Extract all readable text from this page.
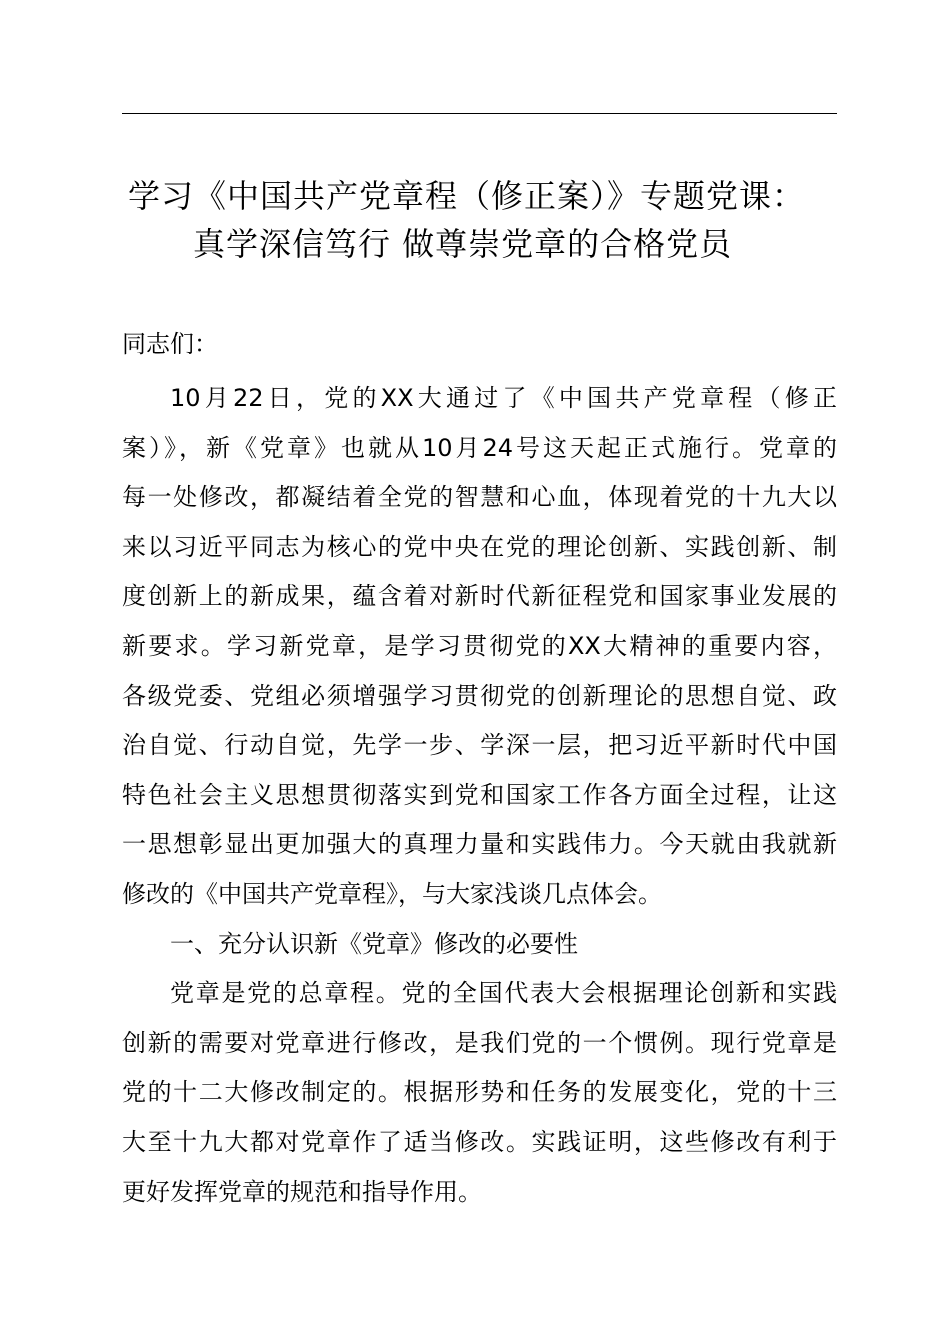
学习《中国共产党章程（修正案）》专题党课：
真学深信笃行 做尊崇党章的合格党员
同志们：
10月22日，党的XX大通过了《中国共产党章程（修正
案）》，新《党章》也就从10月24号这天起正式施行。党章的
每一处修改，都凝结着全党的智慧和心血，体现着党的十九大以
来以习近平同志为核心的党中央在党的理论创新、实践创新、制
度创新上的新成果，蕴含着对新时代新征程党和国家事业发展的
新要求。学习新党章，是学习贯彻党的XX大精神的重要内容，
各级党委、党组必须增强学习贯彻党的创新理论的思想自觉、政
治自觉、行动自觉，先学一步、学深一层，把习近平新时代中国
特色社会主义思想贯彻落实到党和国家工作各方面全过程，让这
一思想彰显出更加强大的真理力量和实践伟力。今天就由我就新
修改的《中国共产党章程》，与大家浅谈几点体会。
一、充分认识新《党章》修改的必要性
党章是党的总章程。党的全国代表大会根据理论创新和实践
创新的需要对党章进行修改，是我们党的一个惯例。现行党章是
党的十二大修改制定的。根据形势和任务的发展变化，党的十三
大至十九大都对党章作了适当修改。实践证明，这些修改有利于
更好发挥党章的规范和指导作用。
